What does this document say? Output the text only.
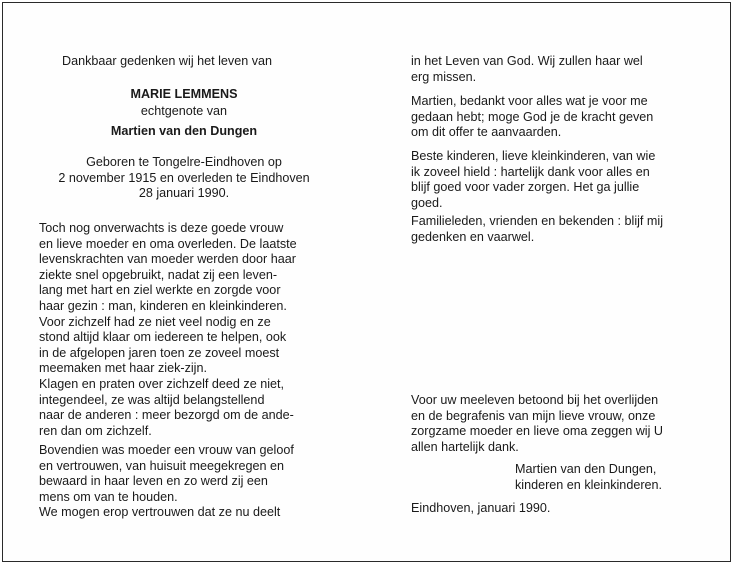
Dankbaar gedenken wij het leven van
MARIE LEMMENS
echtgenote van
Martien van den Dungen
Geboren te Tongelre-Eindhoven op
2 november 1915 en overleden te Eindhoven
28 januari 1990.
Toch nog onverwachts is deze goede vrouw
en lieve moeder en oma overleden. De laatste
levenskrachten van moeder werden door haar
ziekte snel opgebruikt, nadat zij een leven-
lang met hart en ziel werkte en zorgde voor
haar gezin : man, kinderen en kleinkinderen.
Voor zichzelf had ze niet veel nodig en ze
stond altijd klaar om iedereen te helpen, ook
in de afgelopen jaren toen ze zoveel moest
meemaken met haar ziek-zijn.
Klagen en praten over zichzelf deed ze niet,
integendeel, ze was altijd belangstellend
naar de anderen : meer bezorgd om de ande-
ren dan om zichzelf.
Bovendien was moeder een vrouw van geloof
en vertrouwen, van huisuit meegekregen en
bewaard in haar leven en zo werd zij een
mens om van te houden.
We mogen erop vertrouwen dat ze nu deelt
in het Leven van God. Wij zullen haar wel
erg missen.
Martien, bedankt voor alles wat je voor me
gedaan hebt; moge God je de kracht geven
om dit offer te aanvaarden.
Beste kinderen, lieve kleinkinderen, van wie
ik zoveel hield : hartelijk dank voor alles en
blijf goed voor vader zorgen. Het ga jullie
goed.
Familieleden, vrienden en bekenden : blijf mij
gedenken en vaarwel.
Voor uw meeleven betoond bij het overlijden
en de begrafenis van mijn lieve vrouw, onze
zorgzame moeder en lieve oma zeggen wij U
allen hartelijk dank.
Martien van den Dungen,
kinderen en kleinkinderen.
Eindhoven, januari 1990.
